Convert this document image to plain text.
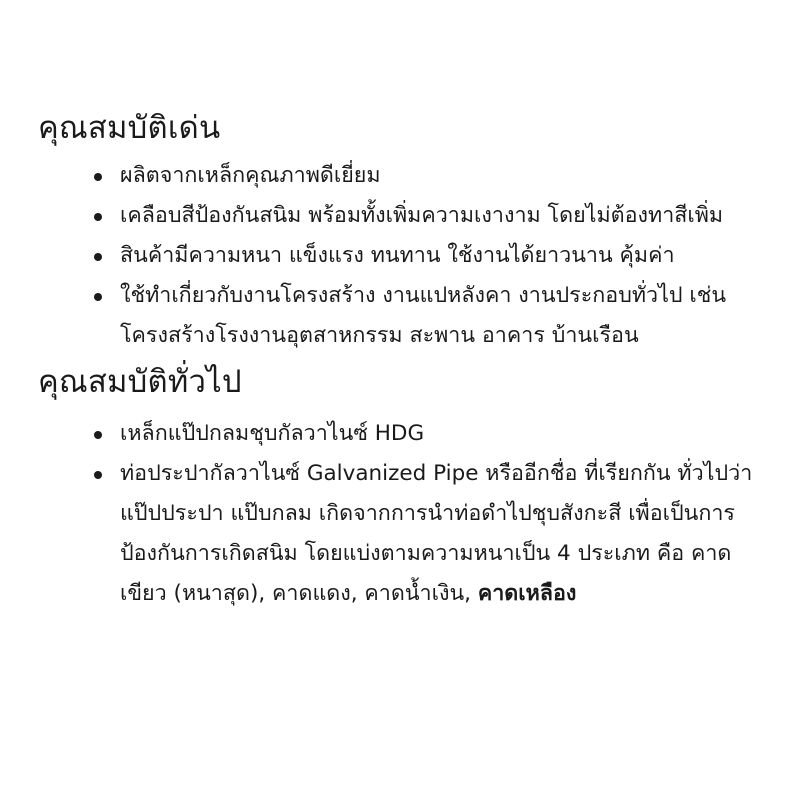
คุณสมบัติเด่น
ผลิตจากเหล็กคุณภาพดีเยี่ยม
เคลือบสีป้องกันสนิม พร้อมทั้งเพิ่มความเงางาม โดยไม่ต้องทาสีเพิ่ม
สินค้ามีความหนา แข็งแรง ทนทาน ใช้งานได้ยาวนาน คุ้มค่า
ใช้ทำเกี่ยวกับงานโครงสร้าง งานแปหลังคา งานประกอบทั่วไป เช่น โครงสร้างโรงงานอุตสาหกรรม สะพาน อาคาร บ้านเรือน
คุณสมบัติทั่วไป
เหล็กแป๊ปกลมชุบกัลวาไนซ์ HDG
ท่อประปากัลวาไนซ์ Galvanized Pipe หรืออีกชื่อ ที่เรียกกัน ทั่วไปว่า แป๊ปประปา แป๊บกลม เกิดจากการนำท่อดำไปชุบสังกะสี เพื่อเป็นการป้องกันการเกิดสนิม โดยแบ่งตามความหนาเป็น 4 ประเภท คือ คาดเขียว (หนาสุด), คาดแดง, คาดน้ำเงิน, คาดเหลือง
